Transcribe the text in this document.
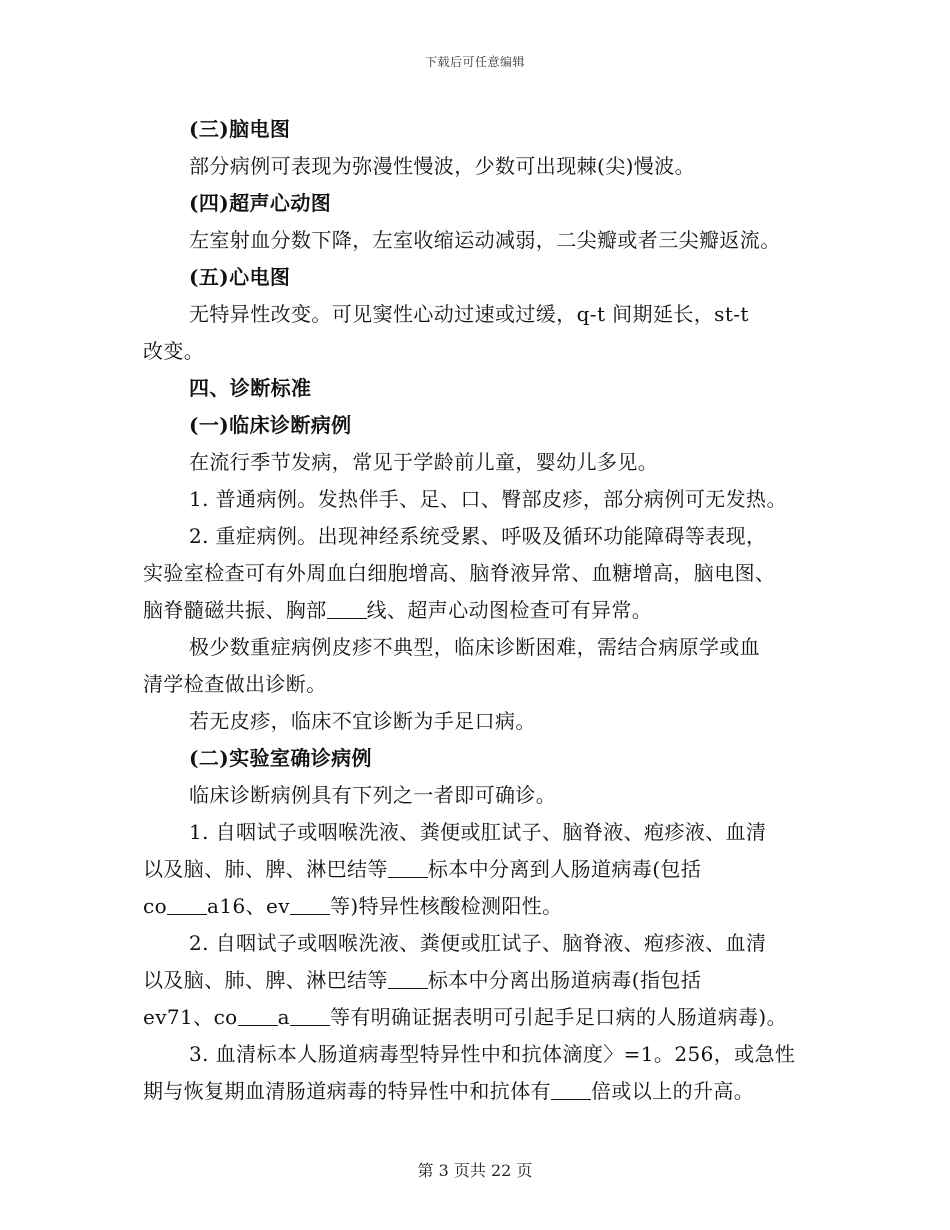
下载后可任意编辑
(三)脑电图
部分病例可表现为弥漫性慢波，少数可出现棘(尖)慢波。
(四)超声心动图
左室射血分数下降，左室收缩运动减弱，二尖瓣或者三尖瓣返流。
(五)心电图
无特异性改变。可见窦性心动过速或过缓，q-t 间期延长，st-t
改变。
四、诊断标准
(一)临床诊断病例
在流行季节发病，常见于学龄前儿童，婴幼儿多见。
1. 普通病例。发热伴手、足、口、臀部皮疹，部分病例可无发热。
2. 重症病例。出现神经系统受累、呼吸及循环功能障碍等表现，
实验室检查可有外周血白细胞增高、脑脊液异常、血糖增高，脑电图、
脑脊髓磁共振、胸部 线、超声心动图检查可有异常。
极少数重症病例皮疹不典型，临床诊断困难，需结合病原学或血
清学检查做出诊断。
若无皮疹，临床不宜诊断为手足口病。
(二)实验室确诊病例
临床诊断病例具有下列之一者即可确诊。
1. 自咽试子或咽喉洗液、粪便或肛试子、脑脊液、疱疹液、血清
以及脑、肺、脾、淋巴结等 标本中分离到人肠道病毒(包括
co a16、ev 等)特异性核酸检测阳性。
2. 自咽试子或咽喉洗液、粪便或肛试子、脑脊液、疱疹液、血清
以及脑、肺、脾、淋巴结等 标本中分离出肠道病毒(指包括
ev71、co a 等有明确证据表明可引起手足口病的人肠道病毒)。
3. 血清标本人肠道病毒型特异性中和抗体滴度〉=1。256，或急性
期与恢复期血清肠道病毒的特异性中和抗体有 倍或以上的升高。
第 3 页共 22 页
